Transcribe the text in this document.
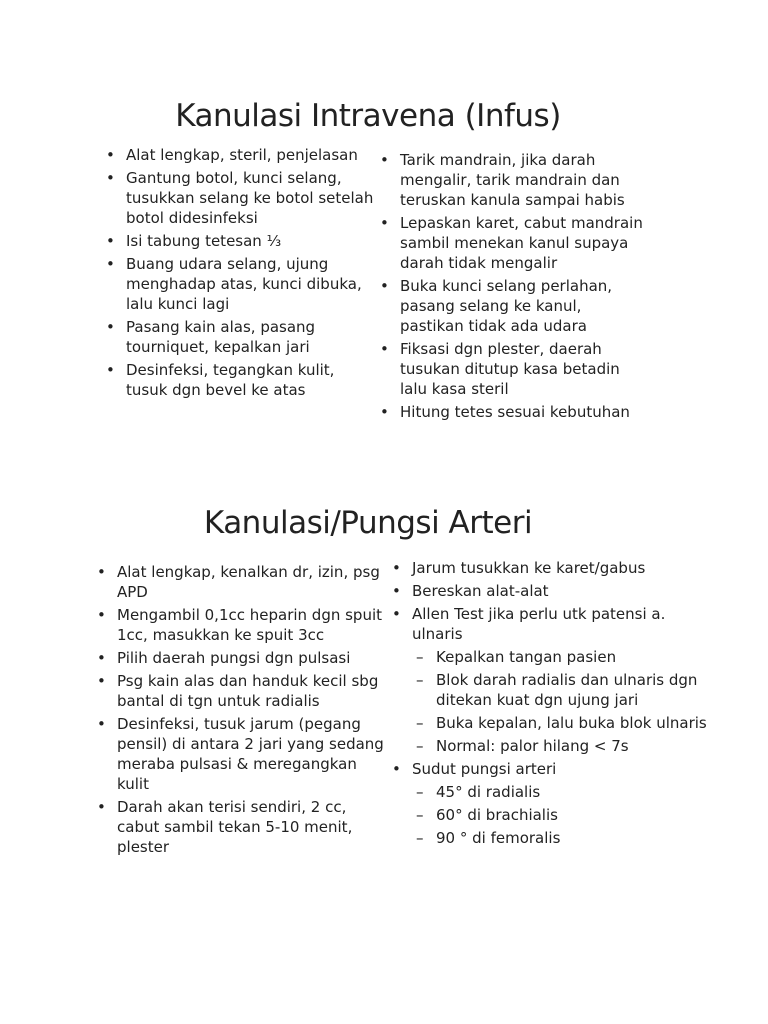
Kanulasi Intravena (Infus)
• Alat lengkap, steril, penjelasan
• Gantung botol, kunci selang, tusukkan selang ke botol setelah botol didesinfeksi
• Isi tabung tetesan ⅓
• Buang udara selang, ujung menghadap atas, kunci dibuka, lalu kunci lagi
• Pasang kain alas, pasang tourniquet, kepalkan jari
• Desinfeksi, tegangkan kulit, tusuk dgn bevel ke atas
• Tarik mandrain, jika darah mengalir, tarik mandrain dan teruskan kanula sampai habis
• Lepaskan karet, cabut mandrain sambil menekan kanul supaya darah tidak mengalir
• Buka kunci selang perlahan, pasang selang ke kanul, pastikan tidak ada udara
• Fiksasi dgn plester, daerah tusukan ditutup kasa betadin lalu kasa steril
• Hitung tetes sesuai kebutuhan
Kanulasi/Pungsi Arteri
• Alat lengkap, kenalkan dr, izin, psg APD
• Mengambil 0,1cc heparin dgn spuit 1cc, masukkan ke spuit 3cc
• Pilih daerah pungsi dgn pulsasi
• Psg kain alas dan handuk kecil sbg bantal di tgn untuk radialis
• Desinfeksi, tusuk jarum (pegang pensil) di antara 2 jari yang sedang meraba pulsasi & meregangkan kulit
• Darah akan terisi sendiri, 2 cc, cabut sambil tekan 5-10 menit, plester
• Jarum tusukkan ke karet/gabus
• Bereskan alat-alat
• Allen Test jika perlu utk patensi a. ulnaris
– Kepalkan tangan pasien
– Blok darah radialis dan ulnaris dgn ditekan kuat dgn ujung jari
– Buka kepalan, lalu buka blok ulnaris
– Normal: palor hilang < 7s
• Sudut pungsi arteri
– 45° di radialis
– 60° di brachialis
– 90 ° di femoralis
